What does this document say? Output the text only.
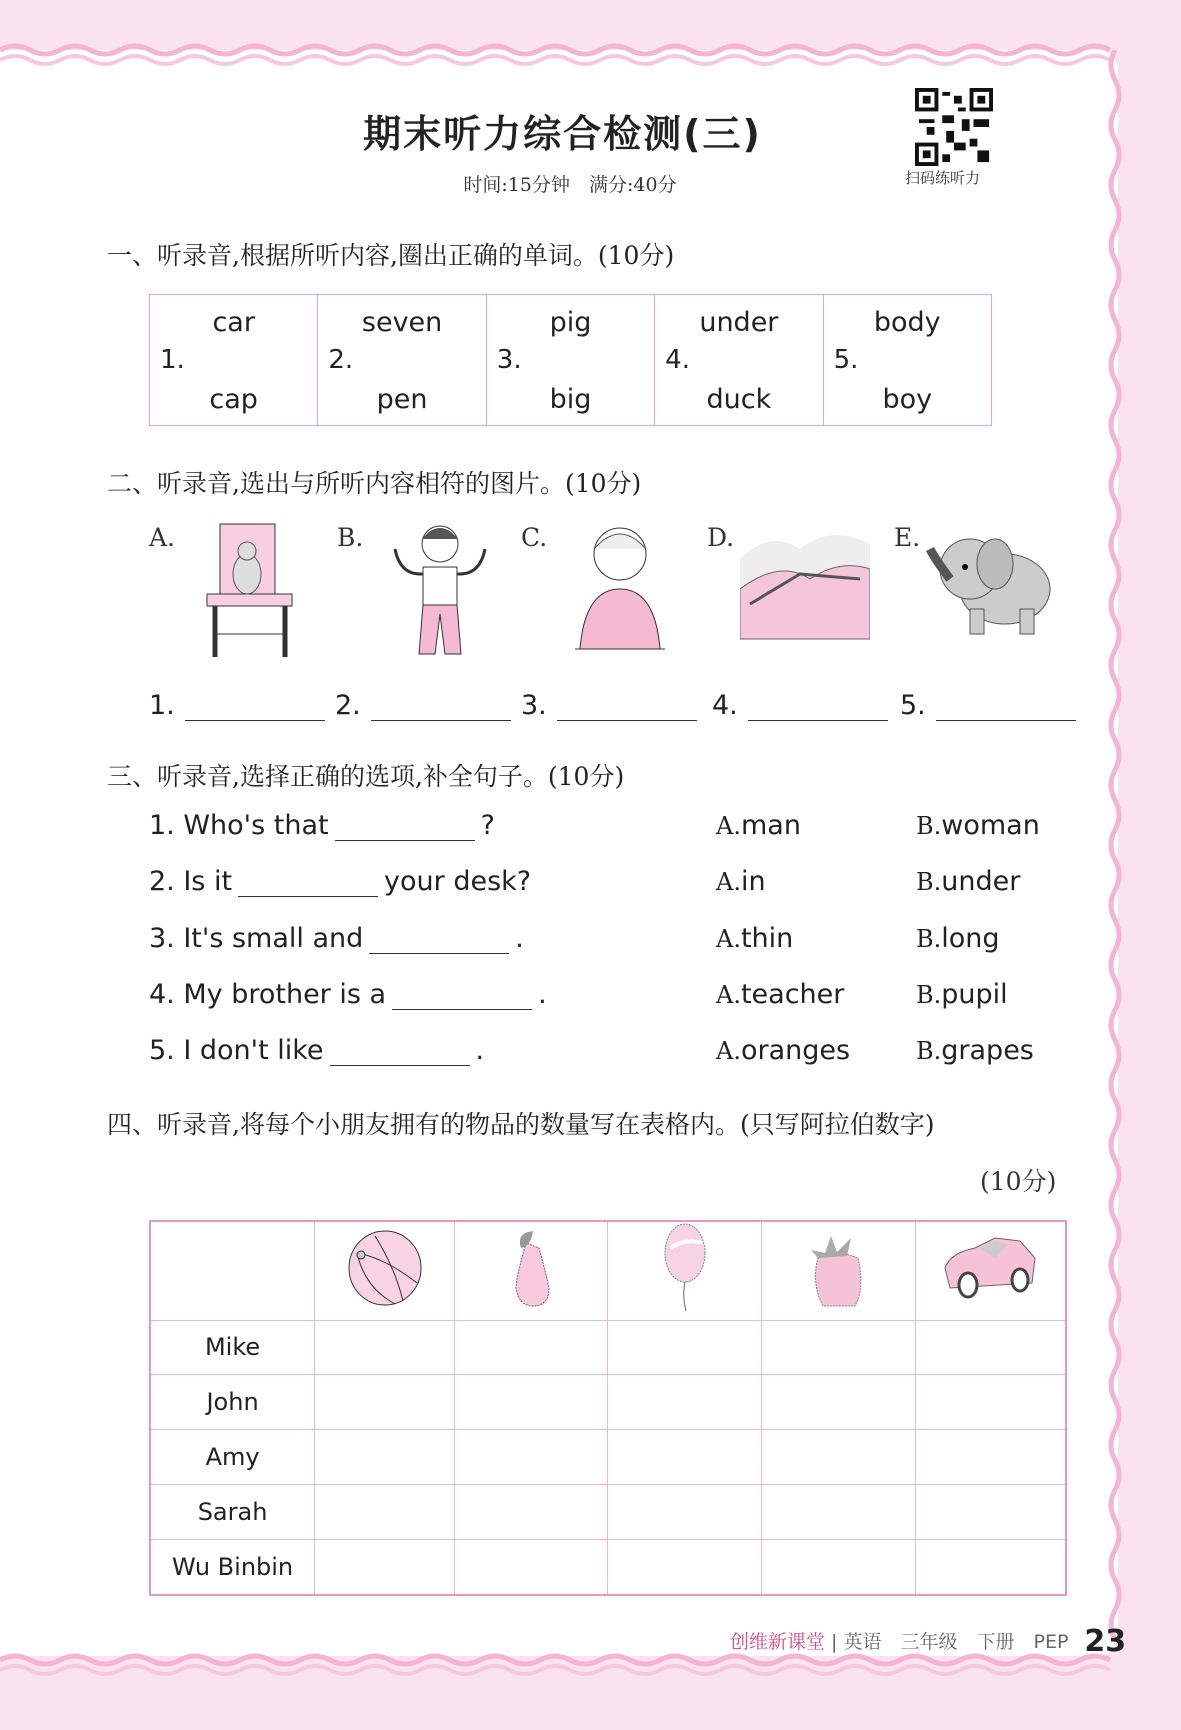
期末听力综合检测(三)
时间:15分钟　满分:40分	扫码练听力
一、听录音,根据所听内容,圈出正确的单词。(10分)
1.
car
cap

2.
seven
pen

3.
pig
big

4.
under
duck

5.
body
boy
二、听录音,选出与所听内容相符的图片。(10分)
A.	B.	C.	D.	E.
1.	2.	3.	4.	5.
三、听录音,选择正确的选项,补全句子。(10分)
1. Who's that	?	A.man	B.woman
2. Is it	your desk?	A.in	B.under
3. It's small and	.	A.thin	B.long
4. My brother is a	.	A.teacher	B.pupil
5. I don't like	.	A.oranges	B.grapes
四、听录音,将每个小朋友拥有的物品的数量写在表格内。(只写阿拉伯数字)
(10分)

Mike					
John					
Amy					
Sarah					
Wu Binbin					
创维新课堂 | 英语　三年级　下册　PEP 23
